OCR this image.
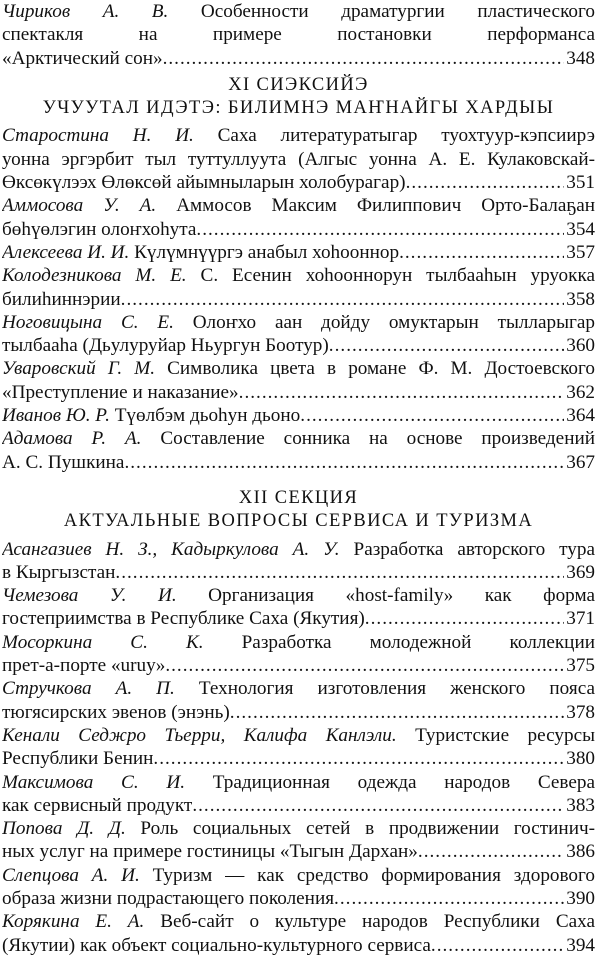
Чириков А. В. Особенности драматургии пластического
спектакля на примере постановки перформанса
«Арктический сон» .....	348
XI СИЭКСИЙЭ
УЧУУТАЛ ИДЭТЭ: БИЛИМНЭ МАҤНАЙГЫ ХАРДЫЫ
Старостина Н. И. Саха литературатыгар туохтуур-кэпсиирэ
уонна эргэрбит тыл туттуллуута (Алгыс уонна А. Е. Кулаковскай-
Өксөкүлээх Өлөксөй айымныларын холобурагар) .....	351
Аммосова У. А. Аммосов Максим Филиппович Орто-Балаҕан
бөһүөлэгин олоҥхоһута .....	354
Алексеева И. И. Күлүмнүүргэ анабыл хоһооннор .....	357
Колодезникова М. Е. С. Есенин хоһооннорун тылбааһын уруокка
билиһиннэрии .....	358
Ноговицына С. Е. Олоҥхо аан дойду омуктарын тылларыгар
тылбааһа (Дьулуруйар Ньургун Боотур) .....	360
Уваровский Г. М. Символика цвета в романе Ф. М. Достоевского
«Преступление и наказание» .....	362
Иванов Ю. Р. Түөлбэм дьоһун дьоно .....	364
Адамова Р. А. Составление сонника на основе произведений
А. С. Пушкина .....	367
XII СЕКЦИЯ
АКТУАЛЬНЫЕ ВОПРОСЫ СЕРВИСА И ТУРИЗМА
Асангазиев Н. З., Кадыркулова А. У. Разработка авторского тура
в Кыргызстан .....	369
Чемезова У. И. Организация «host-family» как форма
гостеприимства в Республике Саха (Якутия) .....	371
Мосоркина С. К. Разработка молодежной коллекции
прет-а-порте «uruy» .....	375
Стручкова А. П. Технология изготовления женского пояса
тюгясирских эвенов (энэнь) .....	378
Кенали Седжро Тьерри, Калифа Канлэли. Туристские ресурсы
Республики Бенин .....	380
Максимова С. И. Традиционная одежда народов Севера
как сервисный продукт .....	383
Попова Д. Д. Роль социальных сетей в продвижении гостинич-
ных услуг на примере гостиницы «Тыгын Дархан» .....	386
Слепцова А. И. Туризм — как средство формирования здорового
образа жизни подрастающего поколения .....	390
Корякина Е. А. Веб-сайт о культуре народов Республики Саха
(Якутии) как объект социально-культурного сервиса .....	394
